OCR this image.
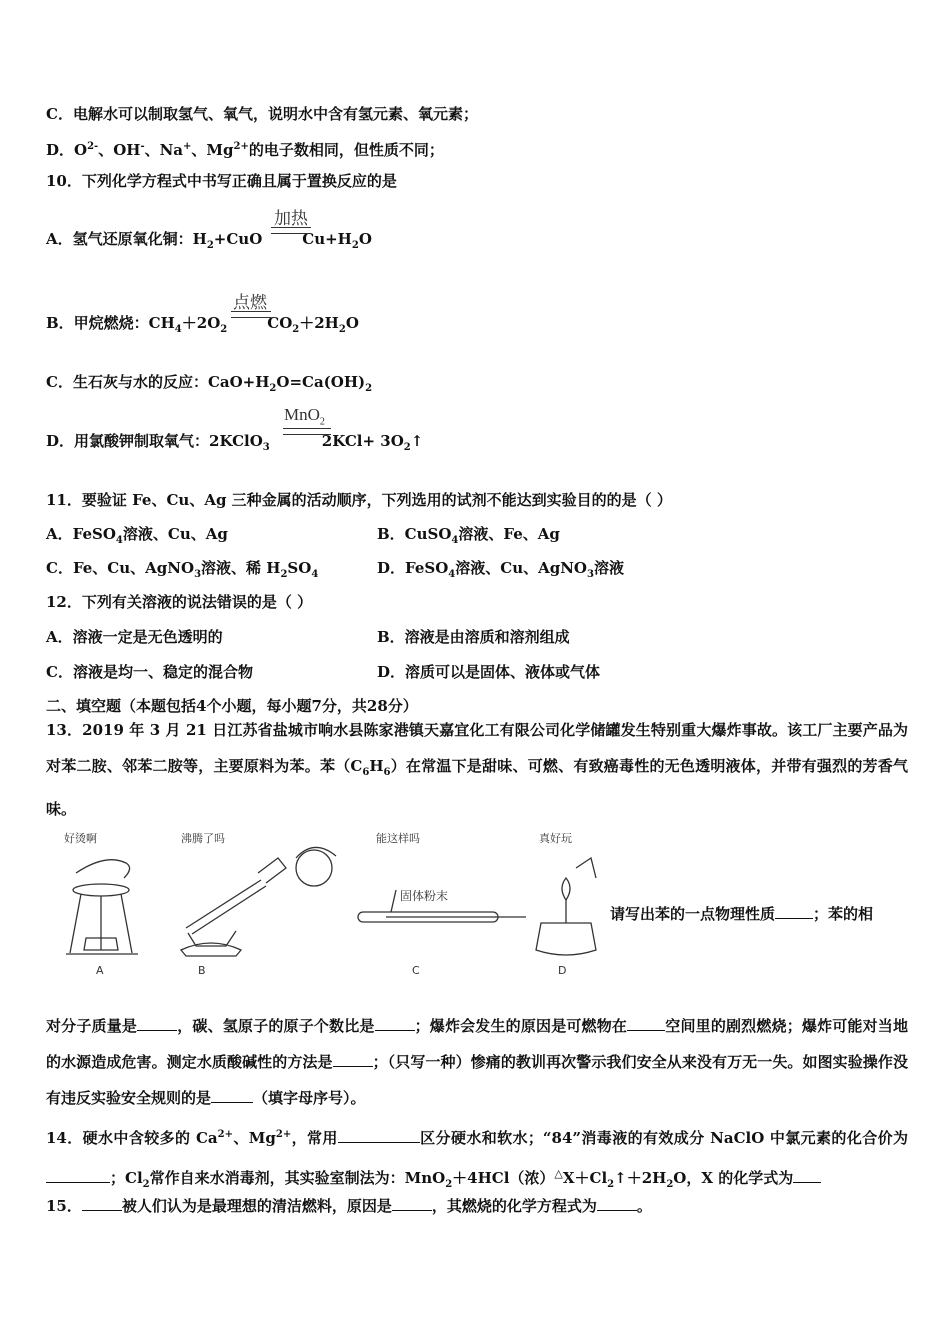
C．电解水可以制取氢气、氧气，说明水中含有氢元素、氧元素；
D．$O^{2-}$、OH-、Na+、$Mg^{2+}$的电子数相同，但性质不同；
10．下列化学方程式中书写正确且属于置换反应的是
A．氢气还原氧化铜：$H_2+CuO$	$Cu+H_2O$
加热
B．甲烷燃烧：$CH_4+2O_2$	$CO_2+2H_2O$
点燃
C．生石灰与水的反应：$CaO+H_2O=Ca(OH)_2$
D．用氯酸钾制取氧气：2KClO$_3$	$2KCl+ 3O_2↑$
MnO$_2$
11．要验证 Fe、Cu、Ag 三种金属的活动顺序，下列选用的试剂不能达到实验目的的是（ ）
A．FeSO$_4$溶液、Cu、Ag	B．CuSO$_4$溶液、Fe、Ag
C．Fe、Cu、AgNO$_3$溶液、稀 $H_2SO_4$	D．FeSO$_4$溶液、Cu、AgNO$_3$溶液
12．下列有关溶液的说法错误的是（ ）
A．溶液一定是无色透明的	B．溶液是由溶质和溶剂组成
C．溶液是均一、稳定的混合物	D．溶质可以是固体、液体或气体
二、填空题（本题包括4个小题，每小题7分，共28分）
13．2019 年 3 月 21 日江苏省盐城市响水县陈家港镇天嘉宜化工有限公司化学储罐发生特别重大爆炸事故。该工厂主要产品为对苯二胺、邻苯二胺等，主要原料为苯。苯$(C_6H_6)$在常温下是甜味、可燃、有致癌毒性的无色透明液体，并带有强烈的芳香气味。
好烫啊	沸腾了吗	能这样吗	真好玩
固体粉末
A	B	C	D
请写出苯的一点物理性质	；苯的相
对分子质量是	，碳、氢原子的原子个数比是	；爆炸会发生的原因是可燃物在	空间里的剧烈燃烧；爆炸可能对当地的水源造成危害。测定水质酸碱性的方法是	；（只写一种）惨痛的教训再次警示我们安全从来没有万无一失。如图实验操作没有违反实验安全规则的是	（填字母序号）。
14．硬水中含较多的 $Ca^{2+}$、$Mg^{2+}$，常用	区分硬水和软水；“84”消毒液的有效成分 NaClO 中氯元素的化合价为；$Cl_2$常作自来水消毒剂，其实验室制法为：MnO$_2$＋4HCl（浓）$^\triangle X+Cl_2↑+2H_2O$，X 的化学式为
15．	被人们认为是最理想的清洁燃料，原因是	，其燃烧的化学方程式为	。
